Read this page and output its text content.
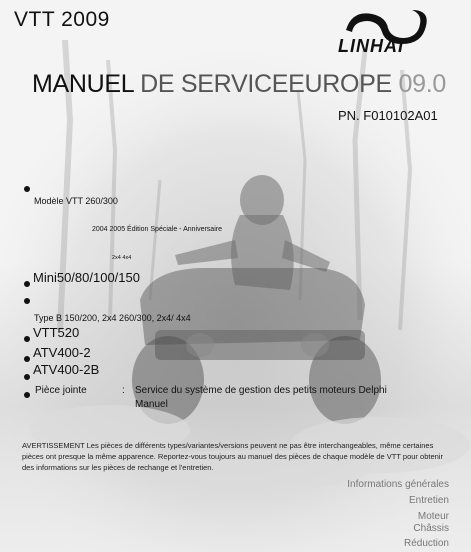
VTT 2009
LINHAI
MANUEL DE SERVICEEUROPE 09.0
PN. F010102A01
Modèle VTT 260/300
2004 2005 Édition Spéciale - Anniversaire
2x4 4x4
Mini50/80/100/150
Type B 150/200, 2x4 260/300, 2x4/ 4x4
VTT520
ATV400-2
ATV400-2B
Pièce jointe	: Service du système de gestion des petits moteurs Delphi
Manuel
AVERTISSEMENT Les pièces de différents types/variantes/versions peuvent ne pas être interchangeables, même certaines
pièces ont presque la même apparence. Reportez-vous toujours au manuel des pièces de chaque modèle de VTT pour obtenir
des informations sur les pièces de rechange et l'entretien.
Informations générales
Entretien
Moteur
Châssis
Réduction
